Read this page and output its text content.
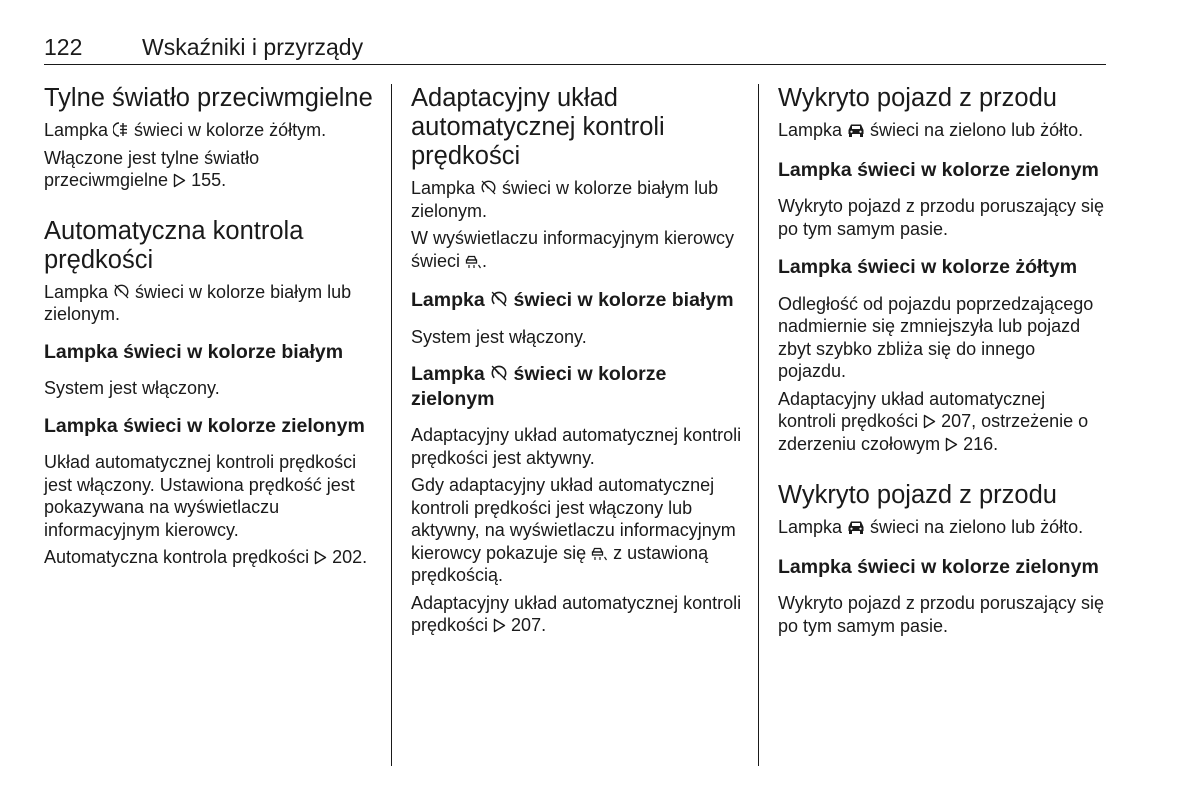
122	Wskaźniki i przyrządy
Tylne światło przeciwmgielne

Lampka
świeci w kolorze żółtym.

Włączone jest tylne światło przeciwmgielne
155.

Automatyczna kontrola prędkości

Lampka
świeci w kolorze białym lub zielonym.

Lampka świeci w kolorze białym

System jest włączony.

Lampka świeci w kolorze zielonym

Układ automatycznej kontroli prędkości jest włączony. Ustawiona prędkość jest pokazywana na wyświetlaczu informacyjnym kierowcy.

Automatyczna kontrola prędkości
202.

Adaptacyjny układ automatycznej kontroli prędkości

Lampka
świeci w kolorze białym lub zielonym.

W wyświetlaczu informacyjnym kierowcy świeci
.

Lampka
świeci w kolorze białym

System jest włączony.

Lampka
świeci w kolorze zielonym

Adaptacyjny układ automatycznej kontroli prędkości jest aktywny.

Gdy adaptacyjny układ automatycznej kontroli prędkości jest włączony lub aktywny, na wyświetlaczu informacyjnym kierowcy pokazuje się
z ustawioną prędkością.

Adaptacyjny układ automatycznej kontroli prędkości
207.

Wykryto pojazd z przodu

Lampka
świeci na zielono lub żółto.

Lampka świeci w kolorze zielonym

Wykryto pojazd z przodu poruszający się po tym samym pasie.

Lampka świeci w kolorze żółtym

Odległość od pojazdu poprzedzającego nadmiernie się zmniejszyła lub pojazd zbyt szybko zbliża się do innego pojazdu.

Adaptacyjny układ automatycznej kontroli prędkości
207, ostrzeżenie o zderzeniu czołowym
216.

Wykryto pojazd z przodu

Lampka
świeci na zielono lub żółto.

Lampka świeci w kolorze zielonym

Wykryto pojazd z przodu poruszający się po tym samym pasie.
